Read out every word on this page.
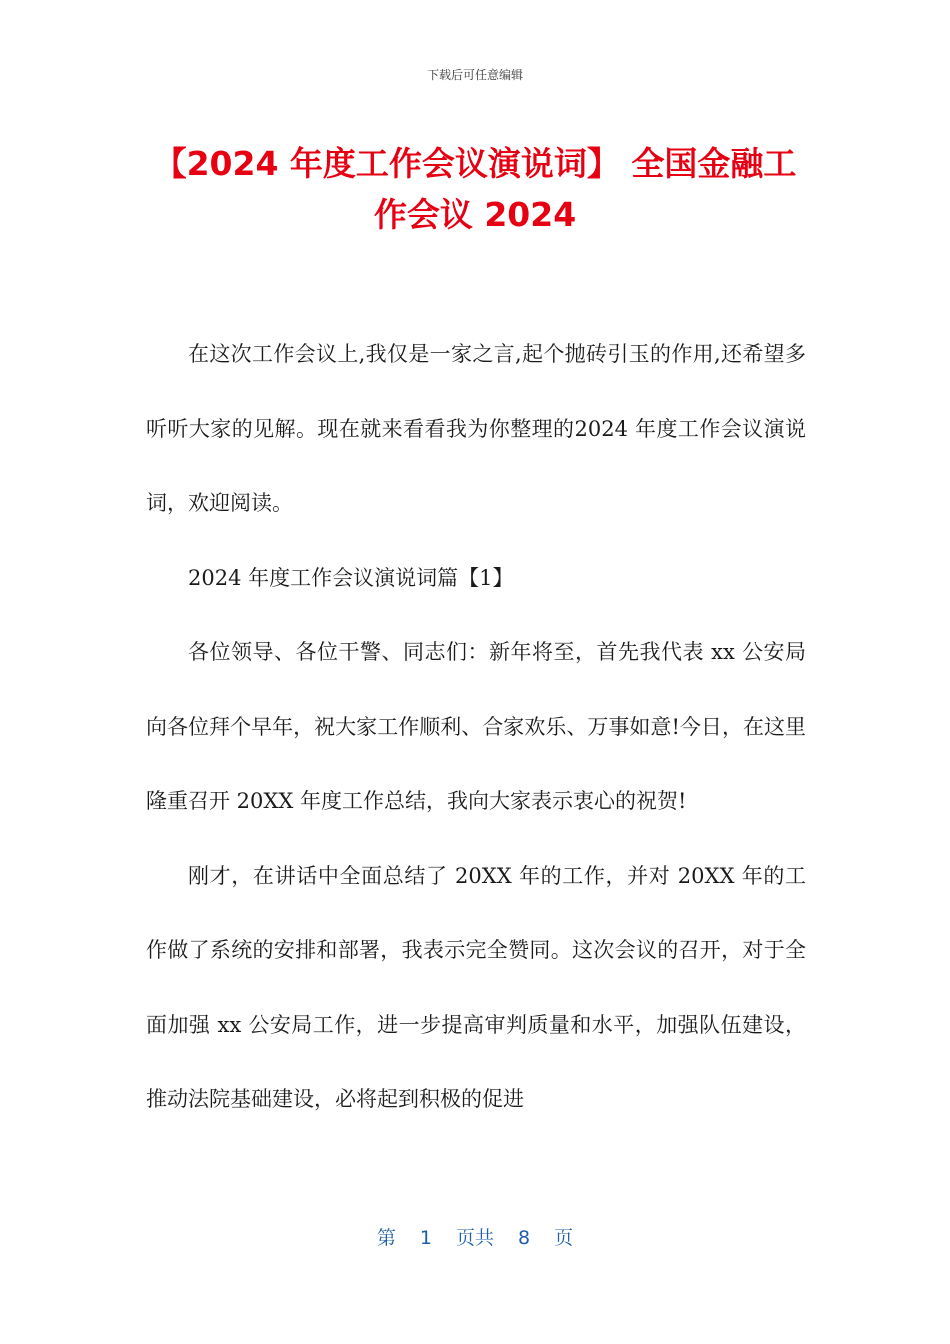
下载后可任意编辑
【2024 年度工作会议演说词】 全国金融工作会议 2024

在这次工作会议上,我仅是一家之言,起个抛砖引玉的作用,还希望多听听大家的见解。现在就来看看我为你整理的2024 年度工作会议演说词，欢迎阅读。

2024 年度工作会议演说词篇【1】

各位领导、各位干警、同志们：新年将至，首先我代表 xx 公安局向各位拜个早年，祝大家工作顺利、合家欢乐、万事如意!今日，在这里隆重召开 20XX 年度工作总结，我向大家表示衷心的祝贺!

刚才，在讲话中全面总结了 20XX 年的工作，并对 20XX 年的工作做了系统的安排和部署，我表示完全赞同。这次会议的召开，对于全面加强 xx 公安局工作，进一步提高审判质量和水平，加强队伍建设，推动法院基础建设，必将起到积极的促进

第 1 页共 8 页
